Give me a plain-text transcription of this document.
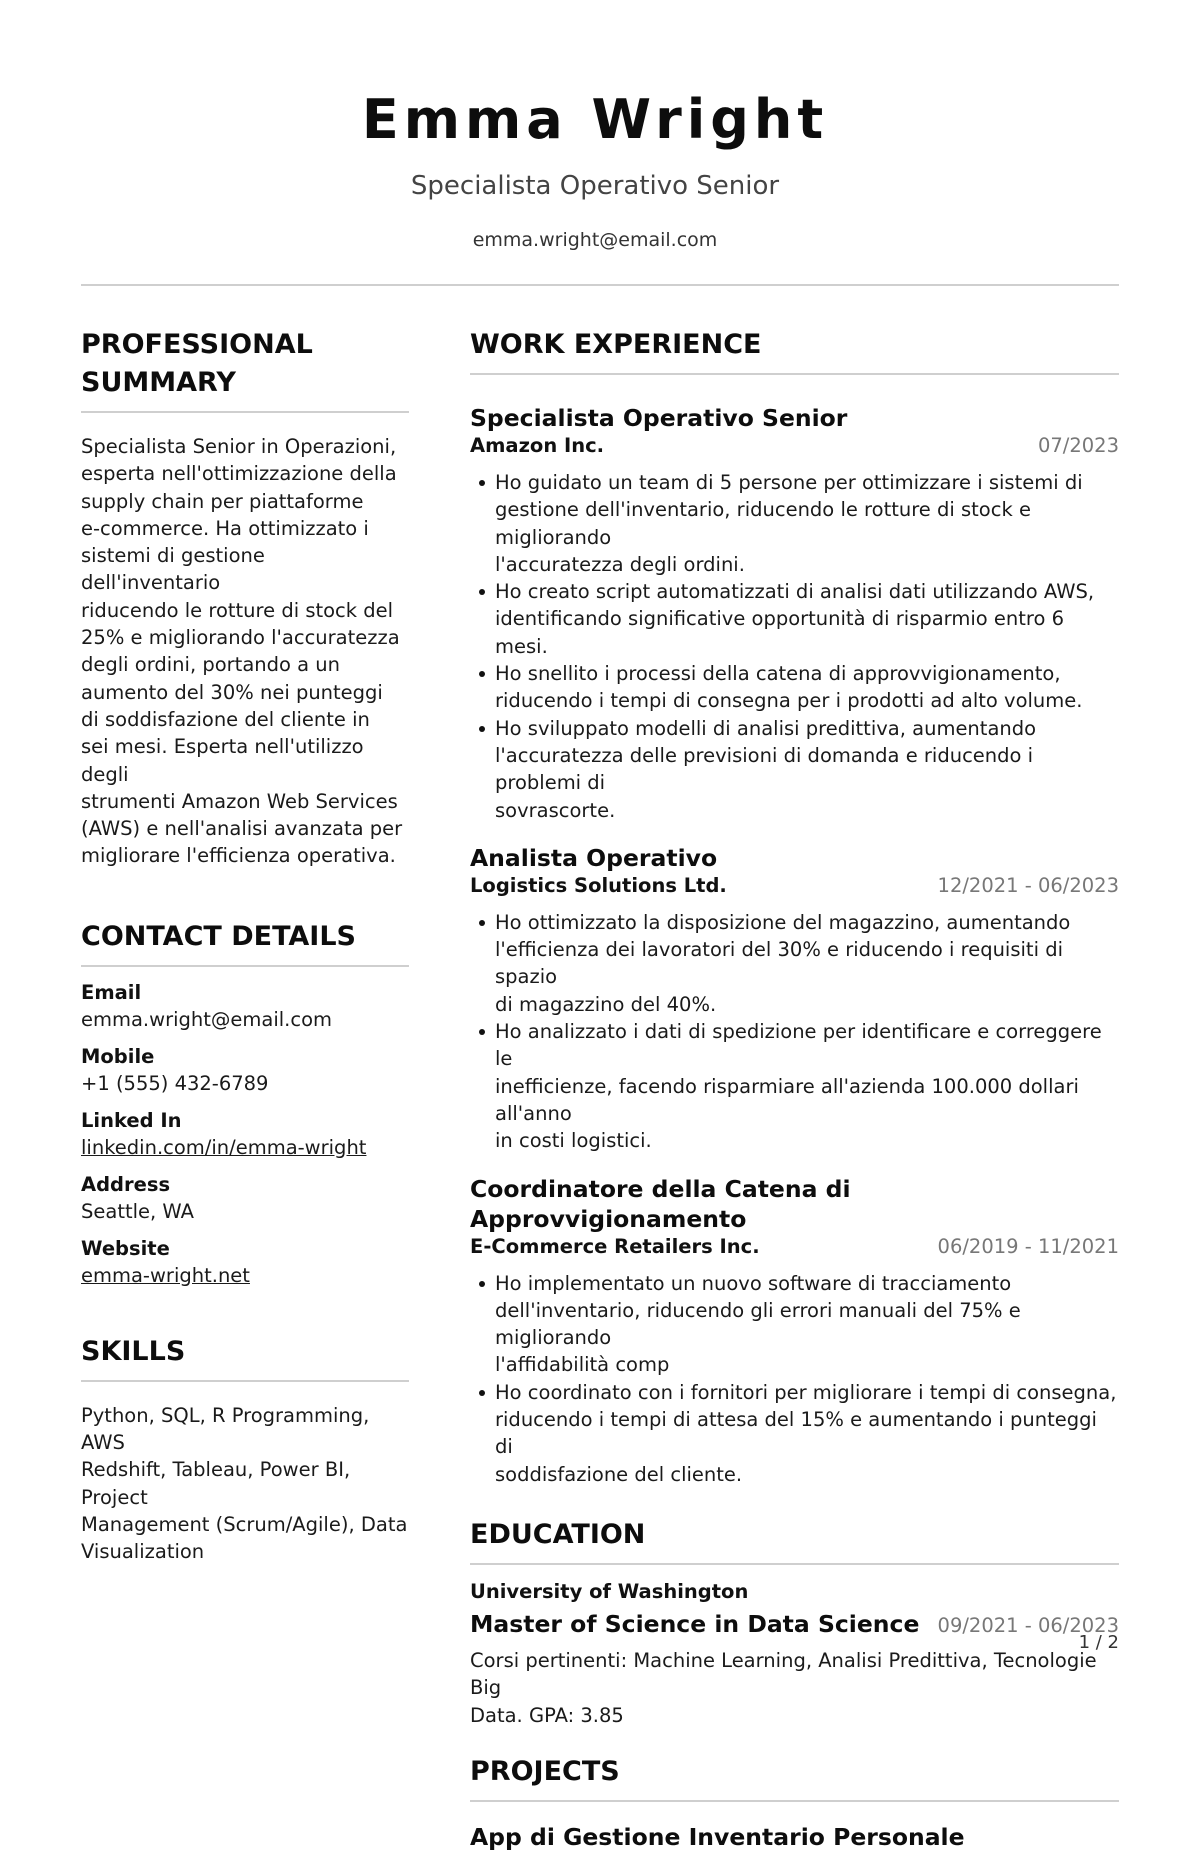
Emma Wright
Specialista Operativo Senior
emma.wright@email.com
PROFESSIONAL
SUMMARY

Specialista Senior in Operazioni,
esperta nell'ottimizzazione della
supply chain per piattaforme
e-commerce. Ha ottimizzato i
sistemi di gestione dell'inventario
riducendo le rotture di stock del
25% e migliorando l'accuratezza
degli ordini, portando a un
aumento del 30% nei punteggi
di soddisfazione del cliente in
sei mesi. Esperta nell'utilizzo degli
strumenti Amazon Web Services
(AWS) e nell'analisi avanzata per
migliorare l'efficienza operativa.

CONTACT DETAILS
Email
emma.wright@email.com
Mobile
+1 (555) 432-6789
Linked In
linkedin.com/in/emma-wright
Address
Seattle, WA
Website
emma-wright.net
SKILLS

Python, SQL, R Programming, AWS
Redshift, Tableau, Power BI, Project
Management (Scrum/Agile), Data
Visualization

WORK EXPERIENCE
Specialista Operativo Senior
Amazon Inc.	07/2023
Ho guidato un team di 5 persone per ottimizzare i sistemi di
gestione dell'inventario, riducendo le rotture di stock e migliorando
l'accuratezza degli ordini.
Ho creato script automatizzati di analisi dati utilizzando AWS,
identificando significative opportunità di risparmio entro 6 mesi.
Ho snellito i processi della catena di approvvigionamento,
riducendo i tempi di consegna per i prodotti ad alto volume.
Ho sviluppato modelli di analisi predittiva, aumentando
l'accuratezza delle previsioni di domanda e riducendo i problemi di
sovrascorte.
Analista Operativo
Logistics Solutions Ltd.	12/2021 - 06/2023
Ho ottimizzato la disposizione del magazzino, aumentando
l'efficienza dei lavoratori del 30% e riducendo i requisiti di spazio
di magazzino del 40%.
Ho analizzato i dati di spedizione per identificare e correggere le
inefficienze, facendo risparmiare all'azienda 100.000 dollari all'anno
in costi logistici.
Coordinatore della Catena di Approvvigionamento
E-Commerce Retailers Inc.	06/2019 - 11/2021
Ho implementato un nuovo software di tracciamento
dell'inventario, riducendo gli errori manuali del 75% e migliorando
l'affidabilità comp
Ho coordinato con i fornitori per migliorare i tempi di consegna,
riducendo i tempi di attesa del 15% e aumentando i punteggi di
soddisfazione del cliente.
EDUCATION
University of Washington
Master of Science in Data Science 09/2021 - 06/2023

Corsi pertinenti: Machine Learning, Analisi Predittiva, Tecnologie Big
Data. GPA: 3.85

PROJECTS
App di Gestione Inventario Personale
1 / 2
